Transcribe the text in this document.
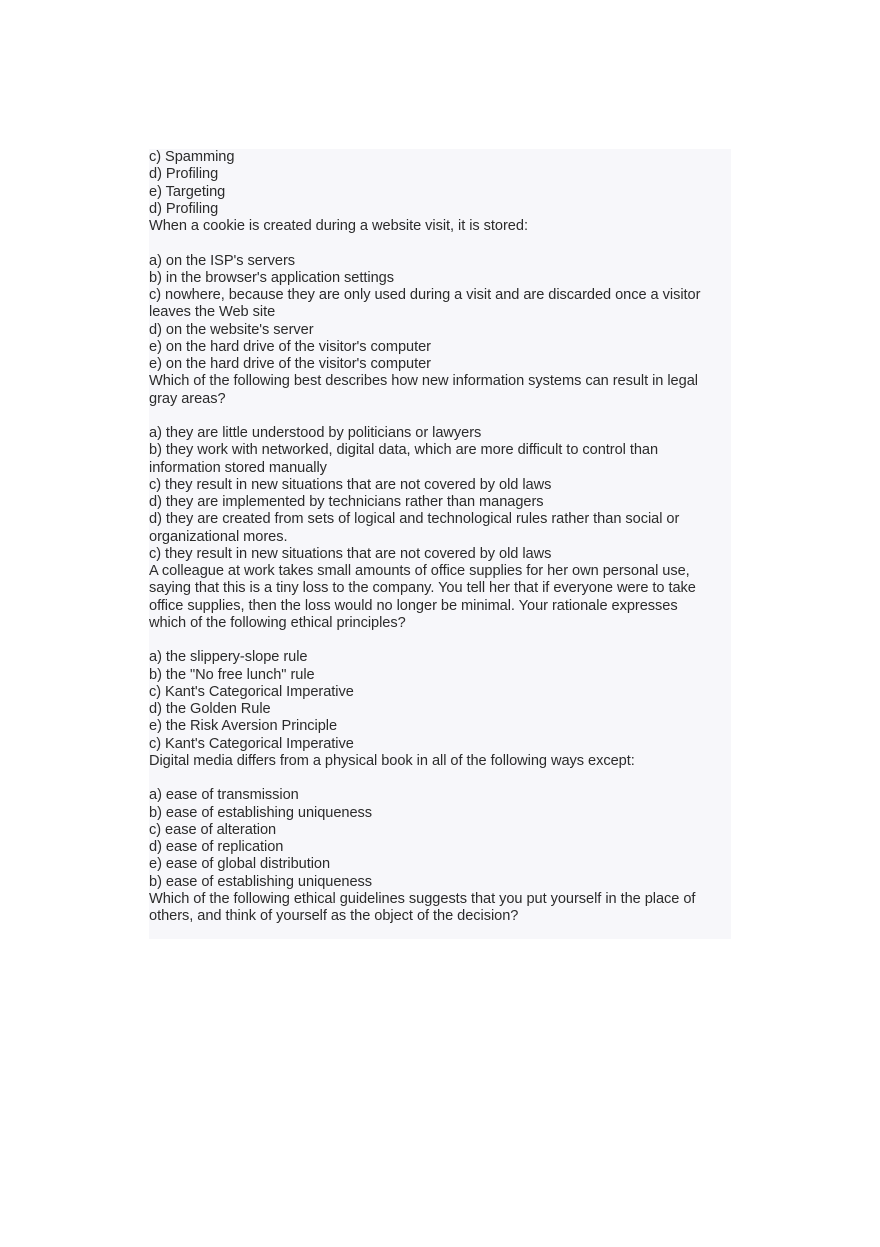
c) Spamming
d) Profiling
e) Targeting
d) Profiling
When a cookie is created during a website visit, it is stored:
a) on the ISP's servers
b) in the browser's application settings
c) nowhere, because they are only used during a visit and are discarded once a visitor
leaves the Web site
d) on the website's server
e) on the hard drive of the visitor's computer
e) on the hard drive of the visitor's computer
Which of the following best describes how new information systems can result in legal
gray areas?
a) they are little understood by politicians or lawyers
b) they work with networked, digital data, which are more difficult to control than
information stored manually
c) they result in new situations that are not covered by old laws
d) they are implemented by technicians rather than managers
d) they are created from sets of logical and technological rules rather than social or
organizational mores.
c) they result in new situations that are not covered by old laws
A colleague at work takes small amounts of office supplies for her own personal use,
saying that this is a tiny loss to the company. You tell her that if everyone were to take
office supplies, then the loss would no longer be minimal. Your rationale expresses
which of the following ethical principles?
a) the slippery-slope rule
b) the "No free lunch" rule
c) Kant's Categorical Imperative
d) the Golden Rule
e) the Risk Aversion Principle
c) Kant's Categorical Imperative
Digital media differs from a physical book in all of the following ways except:
a) ease of transmission
b) ease of establishing uniqueness
c) ease of alteration
d) ease of replication
e) ease of global distribution
b) ease of establishing uniqueness
Which of the following ethical guidelines suggests that you put yourself in the place of
others, and think of yourself as the object of the decision?
